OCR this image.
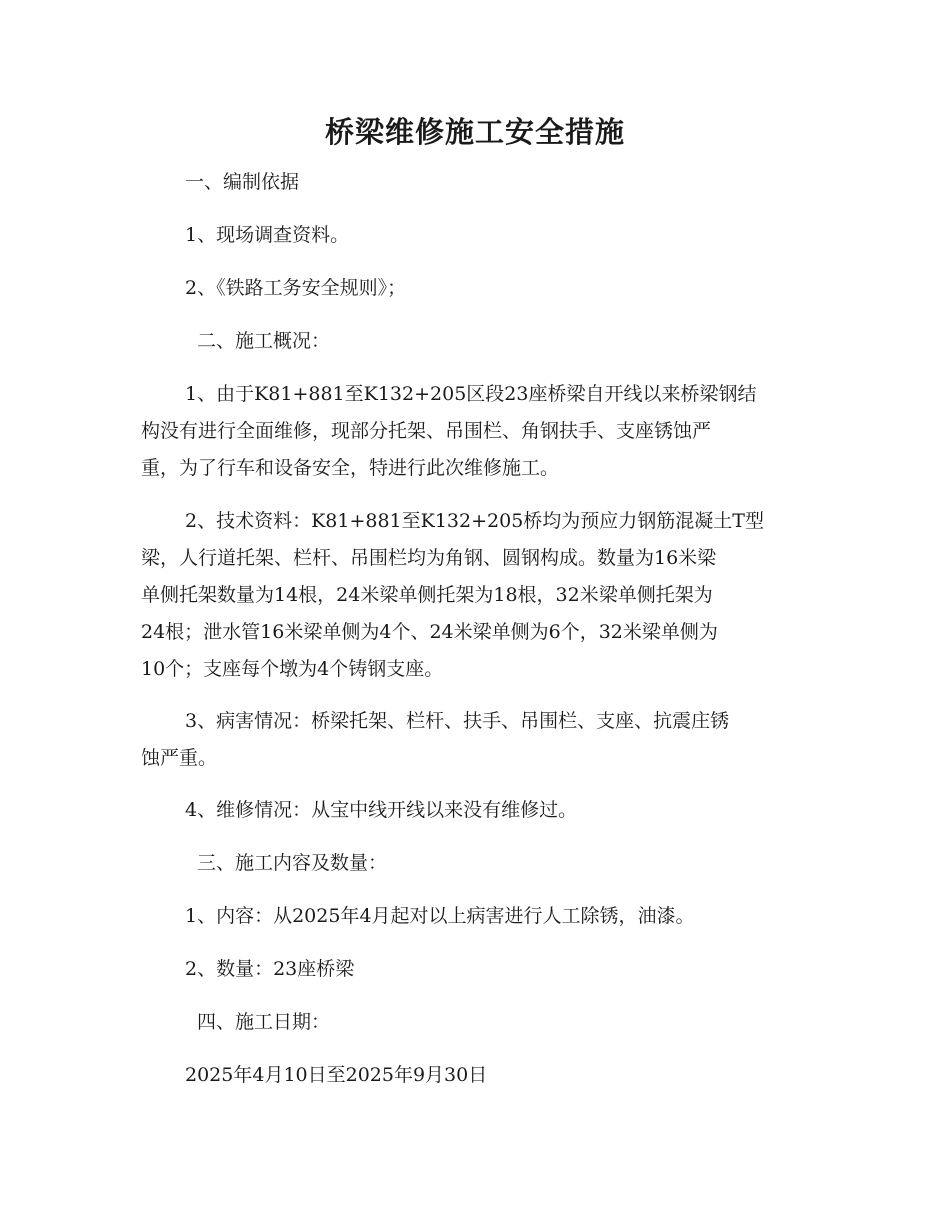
桥梁维修施工安全措施

一、编制依据

1、现场调查资料。

2、《铁路工务安全规则》；

二、施工概况：

1、由于K81+881至K132+205区段23座桥梁自开线以来桥梁钢结
构没有进行全面维修，现部分托架、吊围栏、角钢扶手、支座锈蚀严
重，为了行车和设备安全，特进行此次维修施工。
2、技术资料：K81+881至K132+205桥均为预应力钢筋混凝土T型
梁，人行道托架、栏杆、吊围栏均为角钢、圆钢构成。数量为16米梁
单侧托架数量为14根，24米梁单侧托架为18根，32米梁单侧托架为
24根；泄水管16米梁单侧为4个、24米梁单侧为6个，32米梁单侧为
10个；支座每个墩为4个铸钢支座。
3、病害情况：桥梁托架、栏杆、扶手、吊围栏、支座、抗震庄锈
蚀严重。

4、维修情况：从宝中线开线以来没有维修过。

三、施工内容及数量：

1、内容：从2025年4月起对以上病害进行人工除锈，油漆。

2、数量：23座桥梁

四、施工日期：

2025年4月10日至2025年9月30日
